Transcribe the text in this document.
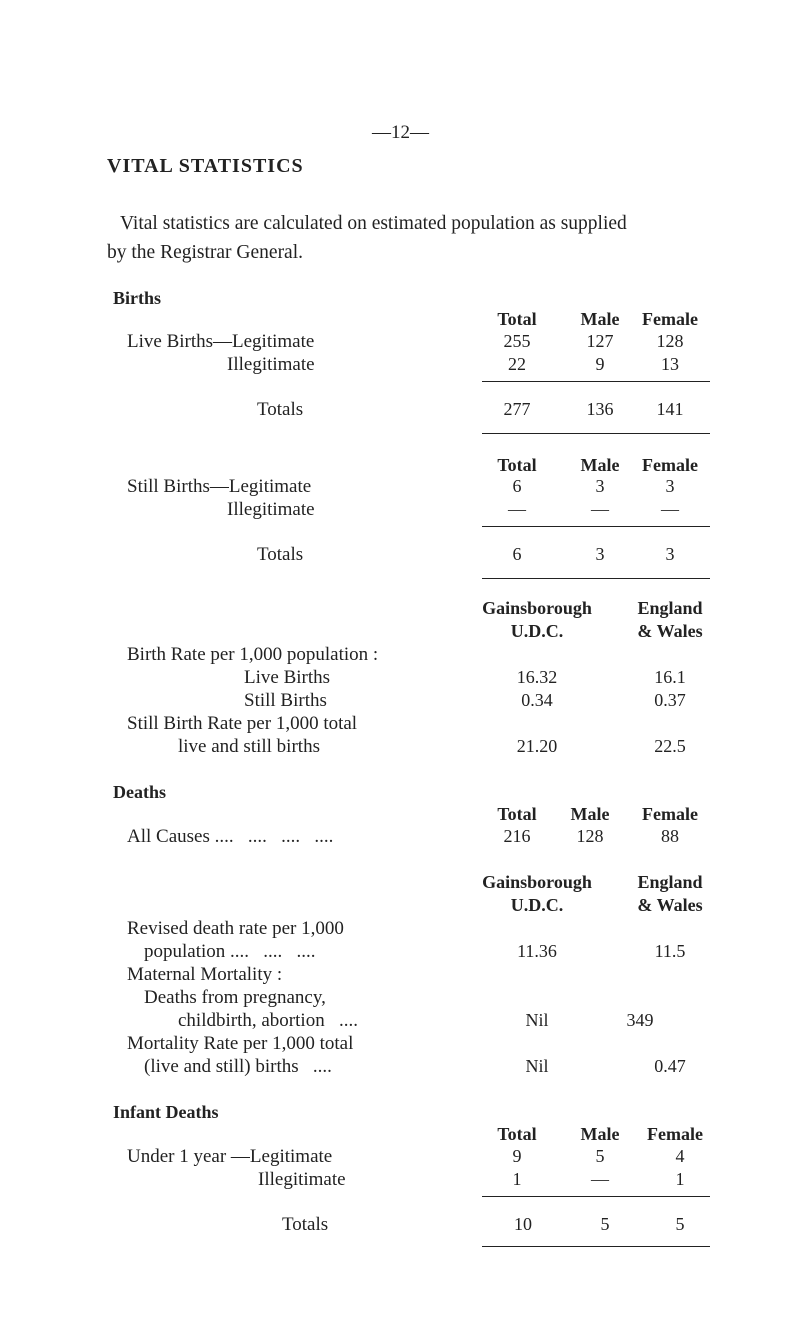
—12—
VITAL STATISTICS
Vital statistics are calculated on estimated population as supplied
by the Registrar General.
Births
Total Male Female
Live Births—Legitimate	255	127 128
Illegitimate	22	9	13
Totals	277	136 141
Total Male Female
Still Births—Legitimate	6	3	3
Illegitimate	—	—	—
Totals	6	3	3
Gainsborough
U.D.C.
England
& Wales
Birth Rate per 1,000 population :
Live Births	16.32	16.1
Still Births	0.34	0.37
Still Birth Rate per 1,000 total
live and still births	21.20	22.5
Deaths
Total Male Female
All Causes ....   ....   ....   ....	216	128	88
Gainsborough
U.D.C.
England
& Wales
Revised death rate per 1,000
population ....   ....   ....	11.36	11.5
Maternal Mortality :
Deaths from pregnancy,
childbirth, abortion   ....	Nil	349
Mortality Rate per 1,000 total
(live and still) births   ....	Nil	0.47
Infant Deaths
Total Male Female
Under 1 year —Legitimate	9	5	4
Illegitimate	1	—	1
Totals	10	5	5
